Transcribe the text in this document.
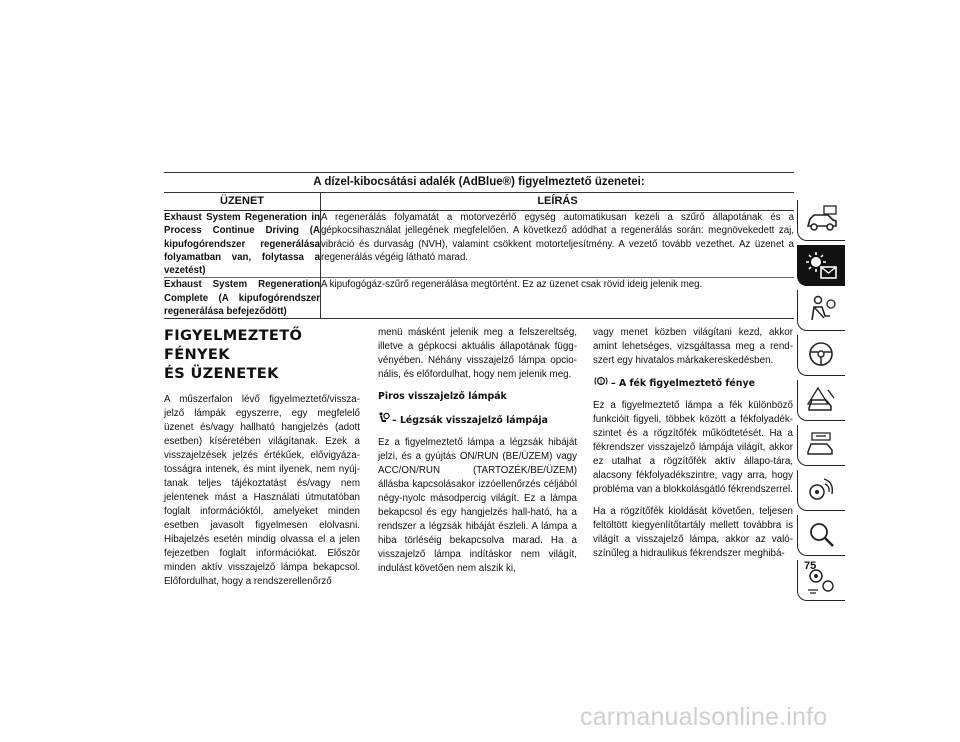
A dízel-kibocsátási adalék (AdBlue®) figyelmeztető üzenetei:	
ÜZENET	LEÍRÁS
Exhaust System Regeneration in Process Continue Driving (A kipufogórendszer regenerálása folyamatban van, folytassa a vezetést)	A regenerálás folyamatát a motorvezérlő egység automatikusan kezeli a szűrő állapotának és a gépkocsihasználat jellegének megfelelően. A következő adódhat a regenerálás során: megnövekedett zaj, vibráció és durvaság (NVH), valamint csökkent motorteljesítmény. A vezető tovább vezethet. Az üzenet a regenerálás végéig látható marad.
Exhaust System Regeneration Complete (A kipufogórendszer regenerálása befejeződött)	A kipufogógáz-szűrő regenerálása megtörtént. Ez az üzenet csak rövid ideig jelenik meg.
FIGYELMEZTETŐ FÉNYEK
ÉS ÜZENETEK

A műszerfalon lévő figyelmeztető/vissza-jelző lámpák egyszerre, egy megfelelő üzenet és/vagy hallható hangjelzés (adott esetben) kíséretében világítanak. Ezek a visszajelzések jelzés értékűek, elővigyáza-tosságra intenek, és mint ilyenek, nem nyúj-tanak teljes tájékoztatást és/vagy nem jelentenek mást a Használati útmutatóban foglalt információktól, amelyeket minden esetben javasolt figyelmesen elolvasni. Hibajelzés esetén mindig olvassa el a jelen fejezetben foglalt információkat. Először minden aktív visszajelző lámpa bekapcsol. Előfordulhat, hogy a rendszerellenőrző

menü másként jelenik meg a felszereltség, illetve a gépkocsi aktuális állapotának függ-vényében. Néhány visszajelző lámpa opcio-nális, és előfordulhat, hogy nem jelenik meg.

Piros visszajelző lámpák
– Légzsák visszajelző lámpája

Ez a figyelmeztető lámpa a légzsák hibáját jelzi, és a gyújtás ON/RUN (BE/ÜZEM) vagy ACC/ON/RUN (TARTOZÉK/BE/ÜZEM) állásba kapcsolásakor izzóellenőrzés céljából négy-nyolc másodpercig világít. Ez a lámpa bekapcsol és egy hangjelzés hall-ható, ha a rendszer a légzsák hibáját észleli. A lámpa a hiba törléséig bekapcsolva marad. Ha a visszajelző lámpa indításkor nem világít, indulást követően nem alszik ki,

vagy menet közben világítani kezd, akkor amint lehetséges, vizsgáltassa meg a rend-szert egy hivatalos márkakereskedésben.

! – A fék figyelmeztető fénye

Ez a figyelmeztető lámpa a fék különböző funkcióit figyeli, többek között a fékfolyadék-szintet és a rögzítőfék működtetését. Ha a fékrendszer visszajelző lámpája világít, akkor ez utalhat a rögzítőfék aktív állapo-tára, alacsony fékfolyadékszintre, vagy arra, hogy probléma van a blokkolásgátló fékrendszerrel.

Ha a rögzítőfék kioldását követően, teljesen feltöltött kiegyenlítőtartály mellett továbbra is világít a visszajelző lámpa, akkor az való-színűleg a hidraulikus fékrendszer meghibá-

75
carmanualsonline.info
